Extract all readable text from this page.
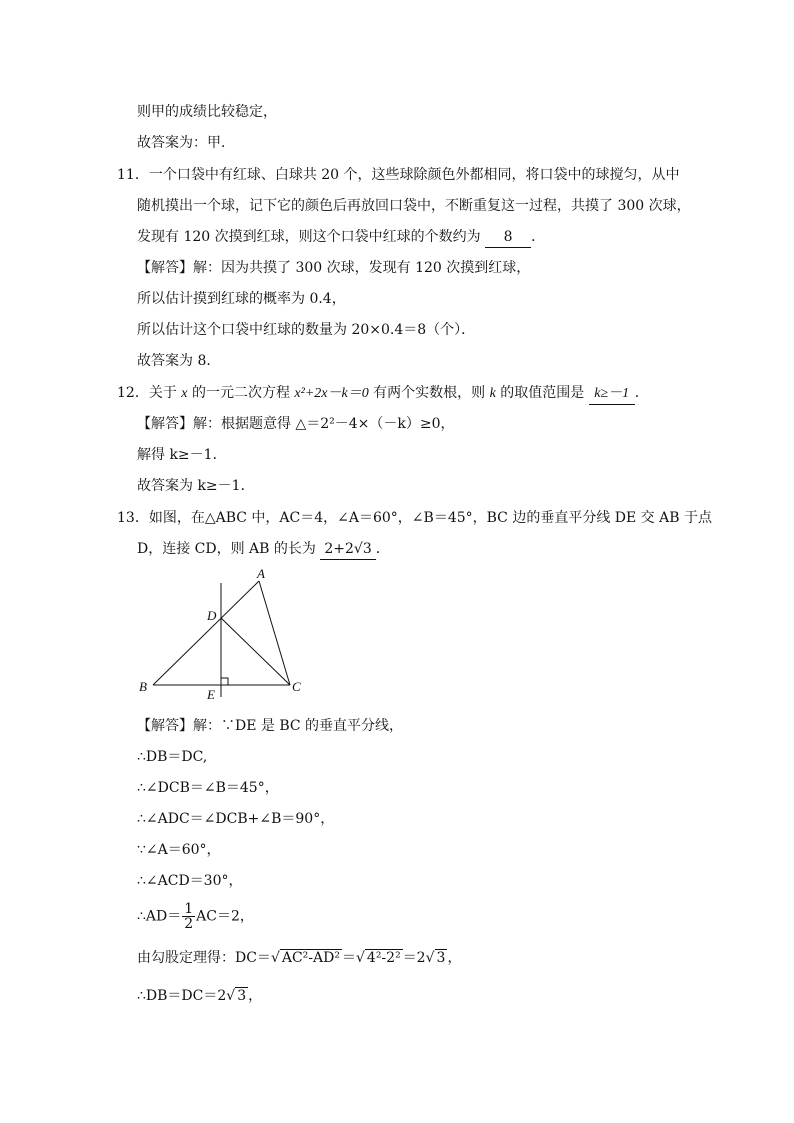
则甲的成绩比较稳定，
故答案为：甲．
11．一个口袋中有红球、白球共 20 个，这些球除颜色外都相同，将口袋中的球搅匀，从中
随机摸出一个球，记下它的颜色后再放回口袋中，不断重复这一过程，共摸了 300 次球，
发现有 120 次摸到红球，则这个口袋中红球的个数约为 8 ．
【解答】解：因为共摸了 300 次球，发现有 120 次摸到红球，
所以估计摸到红球的概率为 0.4，
所以估计这个口袋中红球的数量为 20×0.4＝8（个）．
故答案为 8．
12．关于 x 的一元二次方程 x²+2x－k＝0 有两个实数根，则 k 的取值范围是 k≥－1 ．
【解答】解：根据题意得 △＝2²－4×（－k）≥0，
解得 k≥－1．
故答案为 k≥－1．
13．如图，在△ABC 中，AC＝4，∠A＝60°，∠B＝45°，BC 边的垂直平分线 DE 交 AB 于点
D，连接 CD，则 AB 的长为 2+2√3 ．
A
B	C
D
E
【解答】解：∵DE 是 BC 的垂直平分线，
∴DB＝DC,
∴∠DCB＝∠B＝45°，
∴∠ADC＝∠DCB+∠B＝90°，
∵∠A＝60°，
∴∠ACD＝30°，
∴AD＝ $\frac{1}{2} AC=2$，
由勾股定理得：DC＝√ AC²-AD² ＝√ 4²-2² ＝2√ 3 ，
∴DB＝DC＝2√ 3 ，
